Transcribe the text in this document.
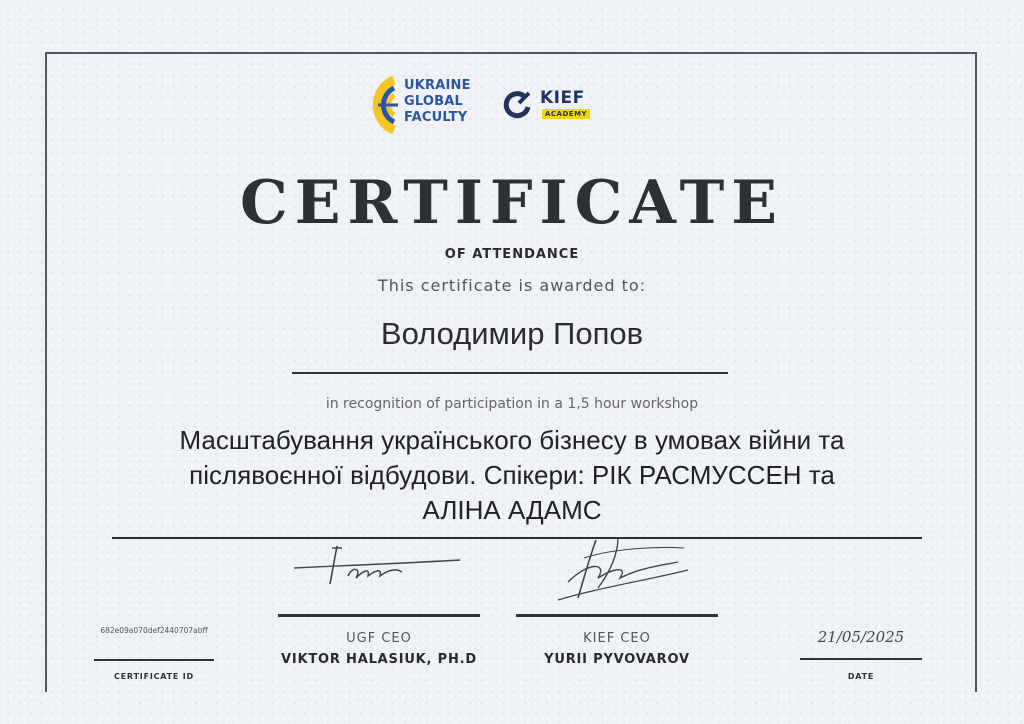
UKRAINE
GLOBAL
FACULTY
KIEF
ACADEMY
CERTIFICATE
OF ATTENDANCE
This certificate is awarded to:
Володимир Попов
in recognition of participation in a 1,5 hour workshop
Масштабування українського бізнесу в умовах війни та
післявоєнної відбудови. Спікери: РІК РАСМУССЕН та
АЛІНА АДАМС
UGF CEO
VIKTOR HALASIUK, PH.D
KIEF CEO
YURII PYVOVAROV
682e09a070def2440707abff
CERTIFICATE ID
21/05/2025
DATE
